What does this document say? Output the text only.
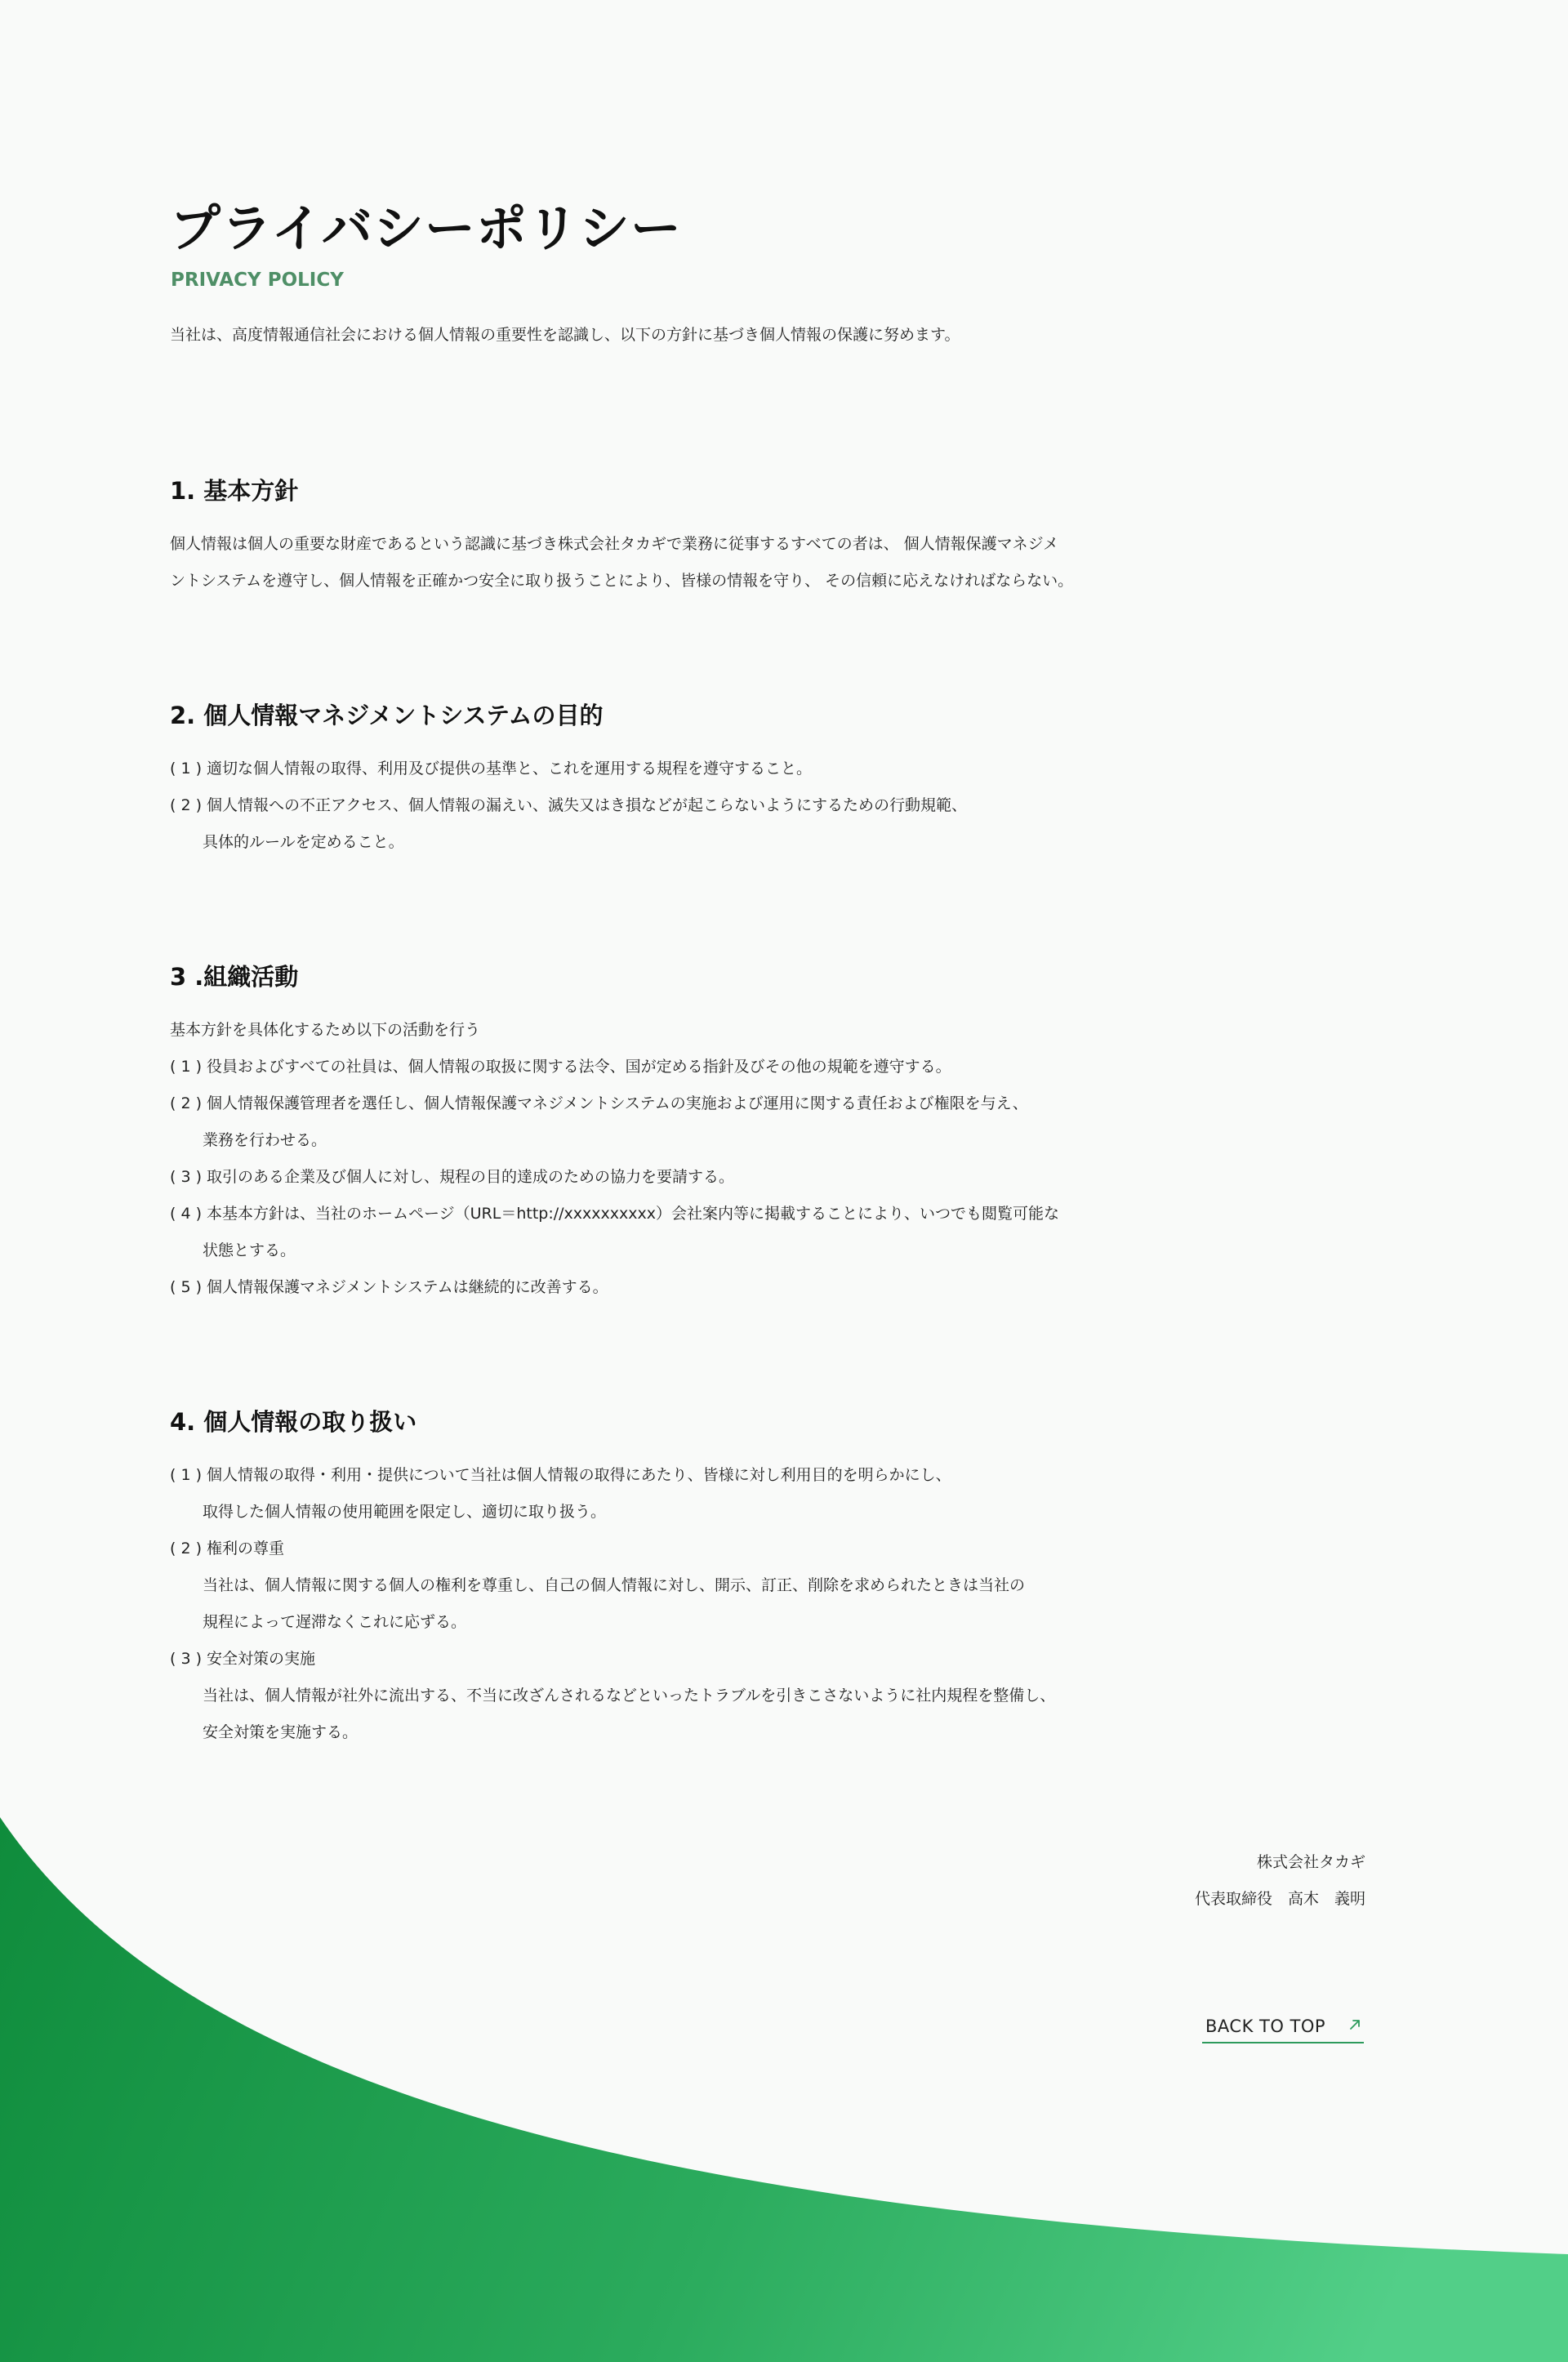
プライバシーポリシー
PRIVACY POLICY
当社は、高度情報通信社会における個人情報の重要性を認識し、以下の方針に基づき個人情報の保護に努めます。
1. 基本方針
個人情報は個人の重要な財産であるという認識に基づき株式会社タカギで業務に従事するすべての者は、 個人情報保護マネジメ
ントシステムを遵守し、個人情報を正確かつ安全に取り扱うことにより、皆様の情報を守り、 その信頼に応えなければならない。
2. 個人情報マネジメントシステムの目的
( 1 ) 適切な個人情報の取得、利用及び提供の基準と、これを運用する規程を遵守すること。
( 2 ) 個人情報への不正アクセス、個人情報の漏えい、滅失又はき損などが起こらないようにするための行動規範、
具体的ルールを定めること。
3 .組織活動
基本方針を具体化するため以下の活動を行う
( 1 ) 役員およびすべての社員は、個人情報の取扱に関する法令、国が定める指針及びその他の規範を遵守する。
( 2 ) 個人情報保護管理者を選任し、個人情報保護マネジメントシステムの実施および運用に関する責任および権限を与え、
業務を行わせる。
( 3 ) 取引のある企業及び個人に対し、規程の目的達成のための協力を要請する。
( 4 ) 本基本方針は、当社のホームページ（URL＝http://xxxxxxxxxx）会社案内等に掲載することにより、いつでも閲覧可能な
状態とする。
( 5 ) 個人情報保護マネジメントシステムは継続的に改善する。
4. 個人情報の取り扱い
( 1 ) 個人情報の取得・利用・提供について当社は個人情報の取得にあたり、皆様に対し利用目的を明らかにし、
取得した個人情報の使用範囲を限定し、適切に取り扱う。
( 2 ) 権利の尊重
当社は、個人情報に関する個人の権利を尊重し、自己の個人情報に対し、開示、訂正、削除を求められたときは当社の
規程によって遅滞なくこれに応ずる。
( 3 ) 安全対策の実施
当社は、個人情報が社外に流出する、不当に改ざんされるなどといったトラブルを引きこさないように社内規程を整備し、
安全対策を実施する。
株式会社タカギ
代表取締役　高木　義明
BACK TO TOP
